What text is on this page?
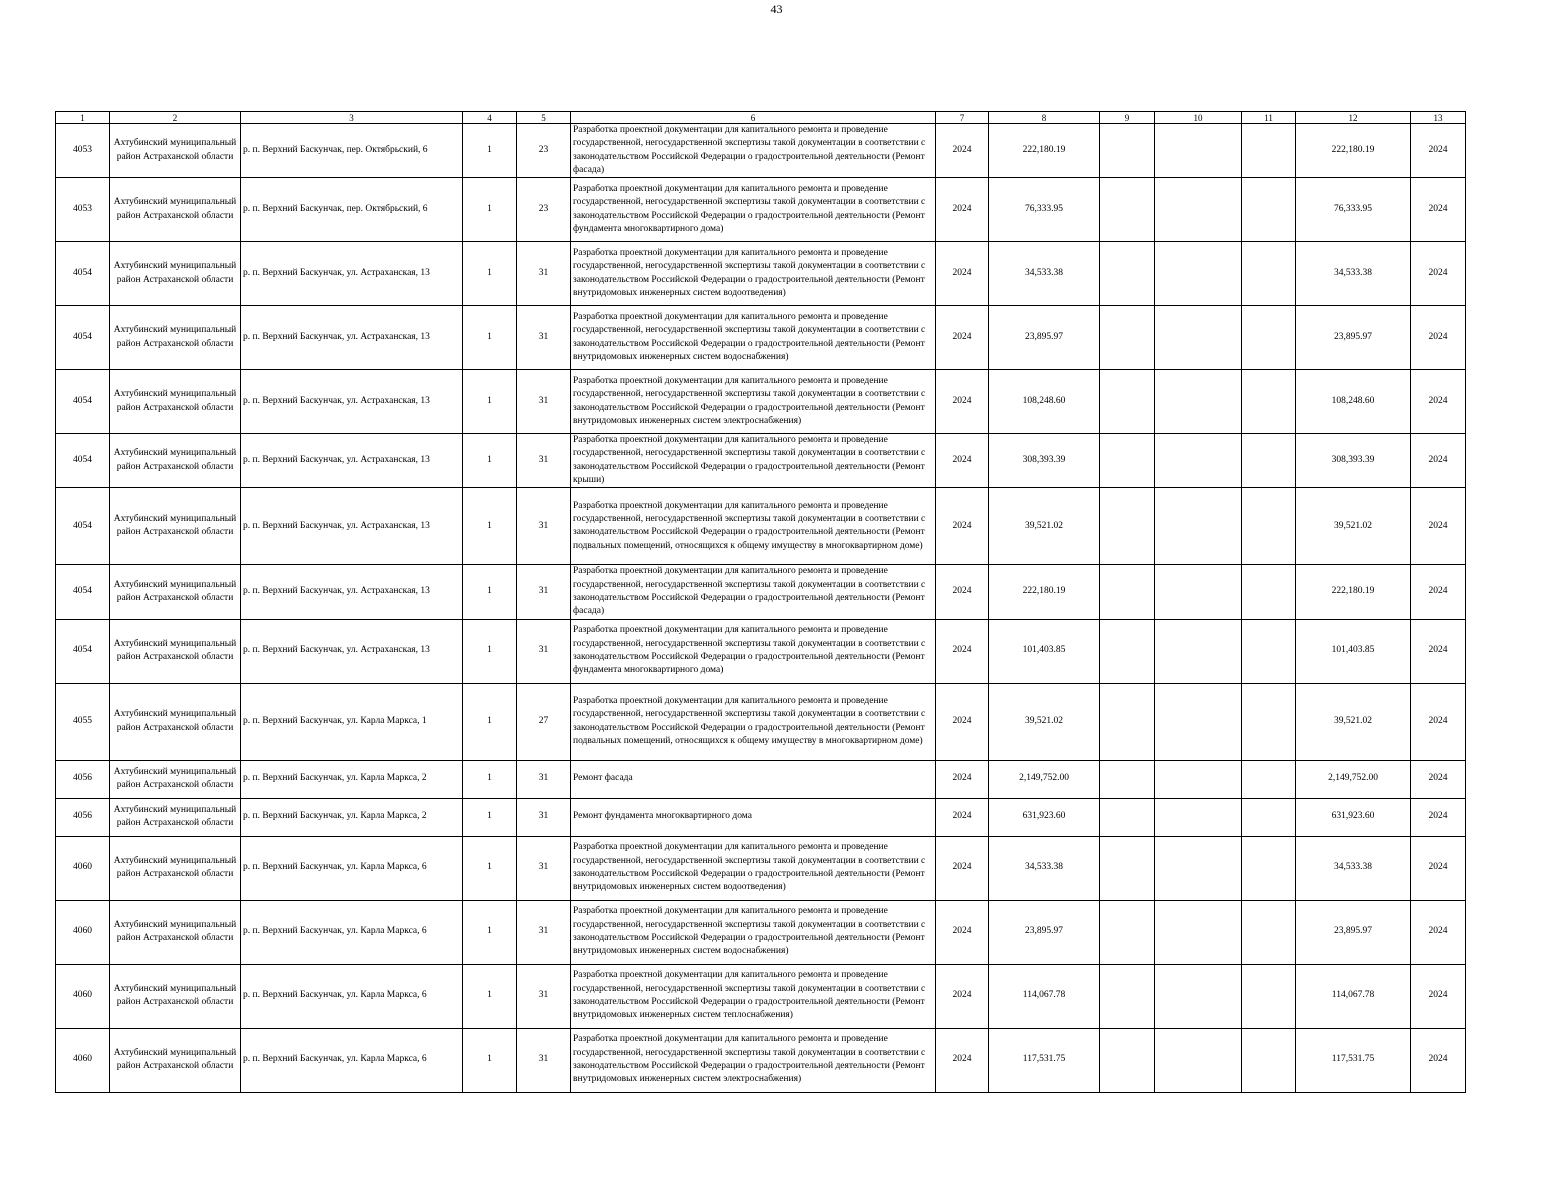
43
1	2	3	4	5	6	7	8	9	10	11	12	13
4053	Ахтубинский муниципальный район Астраханской области	р. п. Верхний Баскунчак, пер. Октябрьский, 6	1	23	Разработка проектной документации для капитального ремонта и проведение государственной, негосударственной экспертизы такой документации в соответствии с законодательством Российской Федерации о градостроительной деятельности (Ремонт фасада)	2024	222,180.19				222,180.19	2024
4053	Ахтубинский муниципальный район Астраханской области	р. п. Верхний Баскунчак, пер. Октябрьский, 6	1	23	Разработка проектной документации для капитального ремонта и проведение государственной, негосударственной экспертизы такой документации в соответствии с законодательством Российской Федерации о градостроительной деятельности (Ремонт фундамента многоквартирного дома)	2024	76,333.95				76,333.95	2024
4054	Ахтубинский муниципальный район Астраханской области	р. п. Верхний Баскунчак, ул. Астраханская, 13	1	31	Разработка проектной документации для капитального ремонта и проведение государственной, негосударственной экспертизы такой документации в соответствии с законодательством Российской Федерации о градостроительной деятельности (Ремонт внутридомовых инженерных систем водоотведения)	2024	34,533.38				34,533.38	2024
4054	Ахтубинский муниципальный район Астраханской области	р. п. Верхний Баскунчак, ул. Астраханская, 13	1	31	Разработка проектной документации для капитального ремонта и проведение государственной, негосударственной экспертизы такой документации в соответствии с законодательством Российской Федерации о градостроительной деятельности (Ремонт внутридомовых инженерных систем водоснабжения)	2024	23,895.97				23,895.97	2024
4054	Ахтубинский муниципальный район Астраханской области	р. п. Верхний Баскунчак, ул. Астраханская, 13	1	31	Разработка проектной документации для капитального ремонта и проведение государственной, негосударственной экспертизы такой документации в соответствии с законодательством Российской Федерации о градостроительной деятельности (Ремонт внутридомовых инженерных систем электроснабжения)	2024	108,248.60				108,248.60	2024
4054	Ахтубинский муниципальный район Астраханской области	р. п. Верхний Баскунчак, ул. Астраханская, 13	1	31	Разработка проектной документации для капитального ремонта и проведение государственной, негосударственной экспертизы такой документации в соответствии с законодательством Российской Федерации о градостроительной деятельности (Ремонт крыши)	2024	308,393.39				308,393.39	2024
4054	Ахтубинский муниципальный район Астраханской области	р. п. Верхний Баскунчак, ул. Астраханская, 13	1	31	Разработка проектной документации для капитального ремонта и проведение государственной, негосударственной экспертизы такой документации в соответствии с законодательством Российской Федерации о градостроительной деятельности (Ремонт подвальных помещений, относящихся к общему имуществу в многоквартирном доме)	2024	39,521.02				39,521.02	2024
4054	Ахтубинский муниципальный район Астраханской области	р. п. Верхний Баскунчак, ул. Астраханская, 13	1	31	Разработка проектной документации для капитального ремонта и проведение государственной, негосударственной экспертизы такой документации в соответствии с законодательством Российской Федерации о градостроительной деятельности (Ремонт фасада)	2024	222,180.19				222,180.19	2024
4054	Ахтубинский муниципальный район Астраханской области	р. п. Верхний Баскунчак, ул. Астраханская, 13	1	31	Разработка проектной документации для капитального ремонта и проведение государственной, негосударственной экспертизы такой документации в соответствии с законодательством Российской Федерации о градостроительной деятельности (Ремонт фундамента многоквартирного дома)	2024	101,403.85				101,403.85	2024
4055	Ахтубинский муниципальный район Астраханской области	р. п. Верхний Баскунчак, ул. Карла Маркса, 1	1	27	Разработка проектной документации для капитального ремонта и проведение государственной, негосударственной экспертизы такой документации в соответствии с законодательством Российской Федерации о градостроительной деятельности (Ремонт подвальных помещений, относящихся к общему имуществу в многоквартирном доме)	2024	39,521.02				39,521.02	2024
4056	Ахтубинский муниципальный район Астраханской области	р. п. Верхний Баскунчак, ул. Карла Маркса, 2	1	31	Ремонт фасада	2024	2,149,752.00				2,149,752.00	2024
4056	Ахтубинский муниципальный район Астраханской области	р. п. Верхний Баскунчак, ул. Карла Маркса, 2	1	31	Ремонт фундамента многоквартирного дома	2024	631,923.60				631,923.60	2024
4060	Ахтубинский муниципальный район Астраханской области	р. п. Верхний Баскунчак, ул. Карла Маркса, 6	1	31	Разработка проектной документации для капитального ремонта и проведение государственной, негосударственной экспертизы такой документации в соответствии с законодательством Российской Федерации о градостроительной деятельности (Ремонт внутридомовых инженерных систем водоотведения)	2024	34,533.38				34,533.38	2024
4060	Ахтубинский муниципальный район Астраханской области	р. п. Верхний Баскунчак, ул. Карла Маркса, 6	1	31	Разработка проектной документации для капитального ремонта и проведение государственной, негосударственной экспертизы такой документации в соответствии с законодательством Российской Федерации о градостроительной деятельности (Ремонт внутридомовых инженерных систем водоснабжения)	2024	23,895.97				23,895.97	2024
4060	Ахтубинский муниципальный район Астраханской области	р. п. Верхний Баскунчак, ул. Карла Маркса, 6	1	31	Разработка проектной документации для капитального ремонта и проведение государственной, негосударственной экспертизы такой документации в соответствии с законодательством Российской Федерации о градостроительной деятельности (Ремонт внутридомовых инженерных систем теплоснабжения)	2024	114,067.78				114,067.78	2024
4060	Ахтубинский муниципальный район Астраханской области	р. п. Верхний Баскунчак, ул. Карла Маркса, 6	1	31	Разработка проектной документации для капитального ремонта и проведение государственной, негосударственной экспертизы такой документации в соответствии с законодательством Российской Федерации о градостроительной деятельности (Ремонт внутридомовых инженерных систем электроснабжения)	2024	117,531.75				117,531.75	2024
